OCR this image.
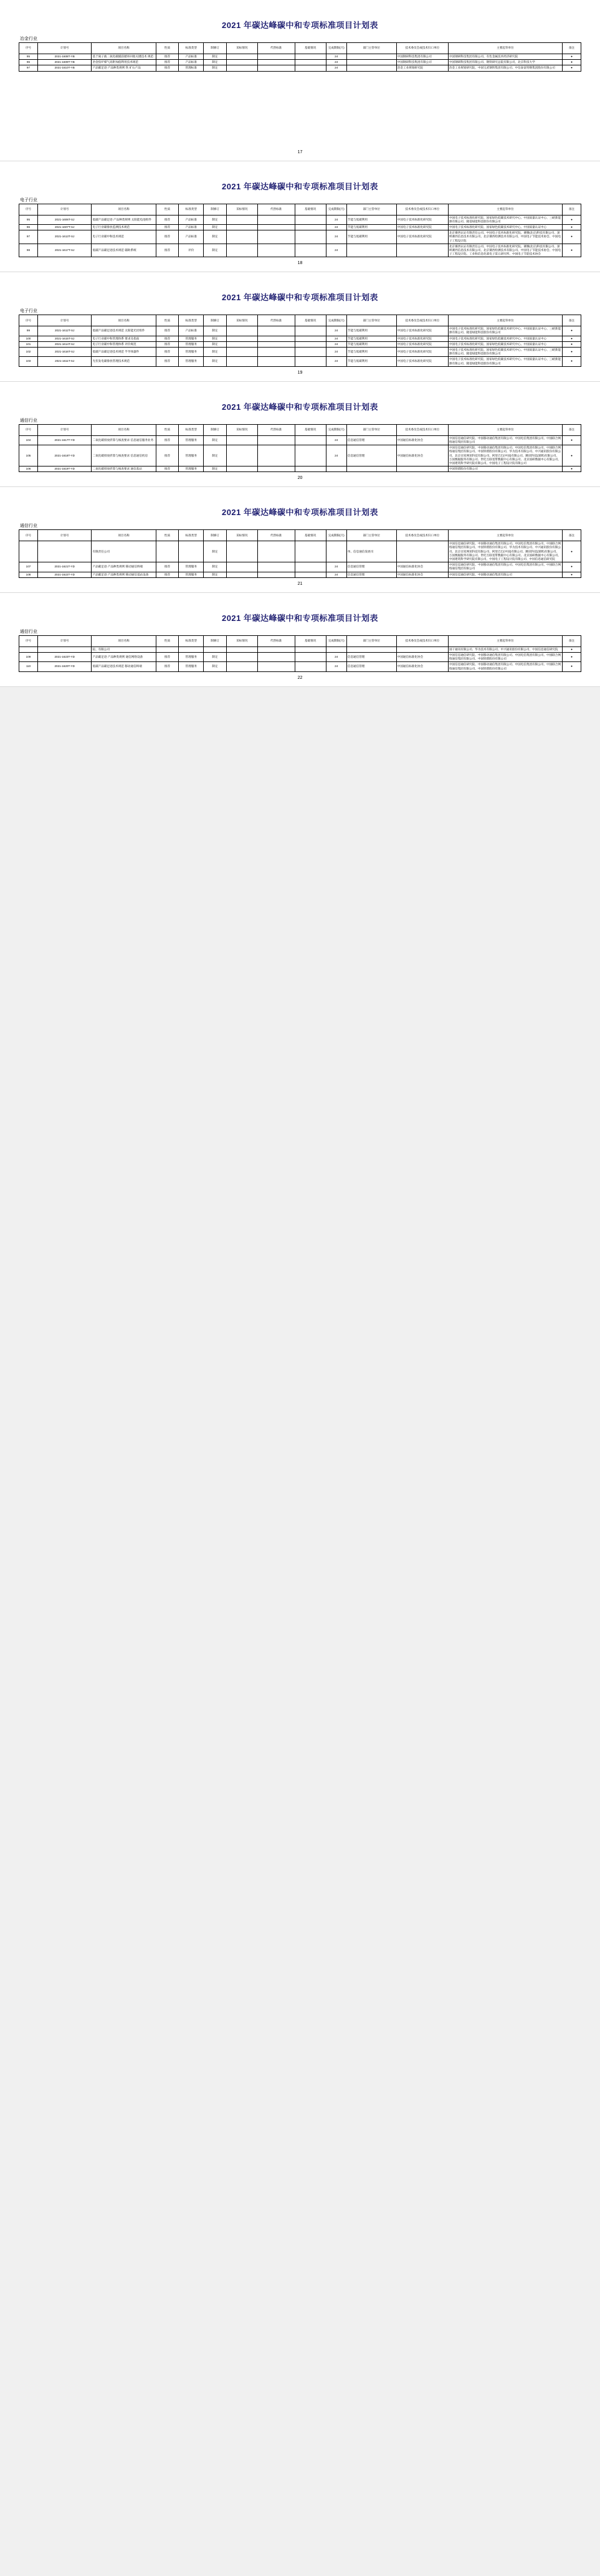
2021 年碳达峰碳中和专项标准项目计划表
冶金行业
序号	计划号	项目名称	性质	标准类型	制修订	采标情况	代替标准	基础情况	完成期限(月)	部门主管单位	技术委员会或技术归口单位	主要起草单位	备注
95	2021-1608T-YB	基于离子液二氧化碳捕获循环回收关键技术 规范	推荐	产品标准	制定				24		中国钢研科技集团有限公司	中国钢研科技集团有限公司、有色金属技术经济研究院	●
96	2021-1609T-YB	冶金焦炉煤气高附加值利用技术规范	推荐	产品标准	制定				24		中国钢研科技集团有限公司	中国钢研科技集团有限公司、钢铁研究总院有限公司、北京科技大学	●
97	2021-1610T-YB	产品碳足迹 产品种类规则 铁 矿石产品	推荐	管理标准	制定				24		冶金工业规划研究院	冶金工业规划研究院、中国宝武钢铁集团有限公司、中信泰富特钢集团股份有限公司	●
17
2021 年碳达峰碳中和专项标准项目计划表
电子行业
序号	计划号	项目名称	性质	标准类型	制修订	采标情况	代替标准	基础情况	完成期限(月)	部门主管单位	技术委员会或技术归口单位	主要起草单位	备注
95	2021-1606T-SJ	低碳产品碳足迹 产品种类规则 太阳能电池组件	推荐	产品标准	制定				24	节能与低碳利用	中国电子技术标准化研究院	中国电子技术标准化研究院、国家绿色低碳技术研究中心、中国质量认证中心、三峡新能源有限公司、隆基绿能科技股份有限公司	●
96	2021-1607T-SJ	电子行业碳排放监测技术规范	推荐	产品标准	制定				24	节能与低碳利用	中国电子技术标准化研究院	中国电子技术标准化研究院、国家绿色低碳技术研究中心、中国质量认证中心	●
97	2021-1613T-SJ	电子行业碳中和技术规范	推荐	产品标准	制定				24	节能与低碳利用	中国电子技术标准化研究院	北京赛西认证有限责任公司、中国电子技术标准化研究院、赛腾(北京)科技有限公司、深圳赛西信息技术有限公司、北京赛西检测技术有限公司、中国电子节能技术协会、中国电子工程设计院	●
98	2021-1617T-SJ	低碳产品碳足迹技术规范 辅助系统	推荐	评价	制定				24			北京赛西认证有限责任公司、中国电子技术标准化研究院、赛腾(北京)科技有限公司、深圳赛西信息技术有限公司、北京赛西检测技术有限公司、中国电子节能技术协会、中国电子工程设计院、工业和信息化部电子第五研究所、中国电子节能技术协会	●
18
2021 年碳达峰碳中和专项标准项目计划表
电子行业
序号	计划号	项目名称	性质	标准类型	制修订	采标情况	代替标准	基础情况	完成期限(月)	部门主管单位	技术委员会或技术归口单位	主要起草单位	备注
99	2021-1612T-SJ	低碳产品碳足迹技术规范 太阳能光伏组件	推荐	产品标准	制定				24	节能与低碳利用	中国电子技术标准化研究院	中国电子技术标准化研究院、国家绿色低碳技术研究中心、中国质量认证中心、三峡新能源有限公司、隆基绿能科技股份有限公司	●
100	2021-1615T-SJ	电子行业碳中和管理体系 要求及指南	推荐	管理服务	制定				24	节能与低碳利用	中国电子技术标准化研究院	中国电子技术标准化研究院、国家绿色低碳技术研究中心、中国质量认证中心	●
101	2021-1614T-SJ	电子行业碳中和管理体系 评价规范	推荐	管理服务	制定				24	节能与低碳利用	中国电子技术标准化研究院	中国电子技术标准化研究院、国家绿色低碳技术研究中心、中国质量认证中心	●
102	2021-1616T-SJ	低碳产品碳足迹技术规范 半导体器件	推荐	管理服务	制定				24	节能与低碳利用	中国电子技术标准化研究院	中国电子技术标准化研究院、国家绿色低碳技术研究中心、中国质量认证中心、三峡新能源有限公司、隆基绿能科技股份有限公司	●
103	2021-1611T-SJ	光伏发电碳排放管理技术规范	推荐	管理服务	制定				24	节能与低碳利用	中国电子技术标准化研究院	中国电子技术标准化研究院、国家绿色低碳技术研究中心、中国质量认证中心、三峡新能源有限公司、隆基绿能科技股份有限公司	●
19
2021 年碳达峰碳中和专项标准项目计划表
通信行业
序号	计划号	项目名称	性质	标准类型	制修订	采标情况	代替标准	基础情况	完成期限(月)	部门主管单位	技术委员会或技术归口单位	主要起草单位	备注
104	2021-1617T-YD	二氧化碳排放折算与核查要求 信息通信服务业务	推荐	管理服务	制定				24	信息通信管理	中国通信标准化协会	中国信息通信研究院、中国移动通信集团有限公司、中国电信集团有限公司、中国联合网络通信集团有限公司	●
105	2021-1618T-YD	二氧化碳排放折算与核查要求 信息通信机房	推荐	管理服务	制定				24	信息通信管理	中国通信标准化协会	中国信息通信研究院、中国移动通信集团有限公司、中国电信集团有限公司、中国联合网络通信集团有限公司、中国铁塔股份有限公司、华为技术有限公司、中兴通讯股份有限公司、北京百度网讯科技有限公司、阿里巴巴(中国)有限公司、腾讯科技(深圳)有限公司、万国数据服务有限公司、世纪互联宽带数据中心有限公司、北京国研数据中心有限公司、中国建筑科学研究院有限公司、中国电子工程设计院有限公司	●
106	2021-1619T-YD	二氧化碳排放折算与核查要求 通信基站	推荐	管理服务	制定							中国铁塔股份有限公司	●
20
2021 年碳达峰碳中和专项标准项目计划表
通信行业
序号	计划号	项目名称	性质	标准类型	制修订	采标情况	代替标准	基础情况	完成期限(月)	部门主管单位	技术委员会或技术归口单位	主要起草单位	备注
		有限责任公司			制定					单、信息通信发展司		中国信息通信研究院、中国移动通信集团有限公司、中国电信集团有限公司、中国联合网络通信集团有限公司、中国铁塔股份有限公司、华为技术有限公司、中兴通讯股份有限公司、北京百度网讯科技有限公司、阿里巴巴(中国)有限公司、腾讯科技(深圳)有限公司、万国数据服务有限公司、世纪互联宽带数据中心有限公司、北京国研数据中心有限公司、中国建筑科学研究院有限公司、中国电子工程设计院有限公司、中国信息通信研究院	●
107	2021-1621T-YD	产品碳足迹 产品种类规则 移动通信终端	推荐	管理服务	制定				24	信息通信管理	中国通信标准化协会	中国信息通信研究院、中国移动通信集团有限公司、中国电信集团有限公司、中国联合网络通信集团有限公司	●
108	2021-1622T-YD	产品碳足迹 产品种类规则 移动通信基站设备	推荐	管理服务	制定				24	信息通信管理	中国通信标准化协会	中国信息通信研究院、中国移动通信集团有限公司	●
21
2021 年碳达峰碳中和专项标准项目计划表
通信行业
序号	计划号	项目名称	性质	标准类型	制修订	采标情况	代替标准	基础情况	完成期限(月)	部门主管单位	技术委员会或技术归口单位	主要起草单位	备注
		院、有限公司										国干通讯有限公司、华为技术有限公司、中兴通讯股份有限公司、中国信息通信研究院	●
109	2021-1623T-YD	产品碳足迹 产品种类规则 通信网络设备	推荐	管理服务	制定				24	信息通信管理	中国通信标准化协会	中国信息通信研究院、中国移动通信集团有限公司、中国电信集团有限公司、中国联合网络通信集团有限公司、中国铁塔股份有限公司	●
110	2021-1620T-YD	低碳产品碳足迹技术规范 移动通信终端	推荐	管理服务	制定				24	信息通信管理	中国通信标准化协会	中国信息通信研究院、中国移动通信集团有限公司、中国电信集团有限公司、中国联合网络通信集团有限公司、中国铁塔股份有限公司	●
22
